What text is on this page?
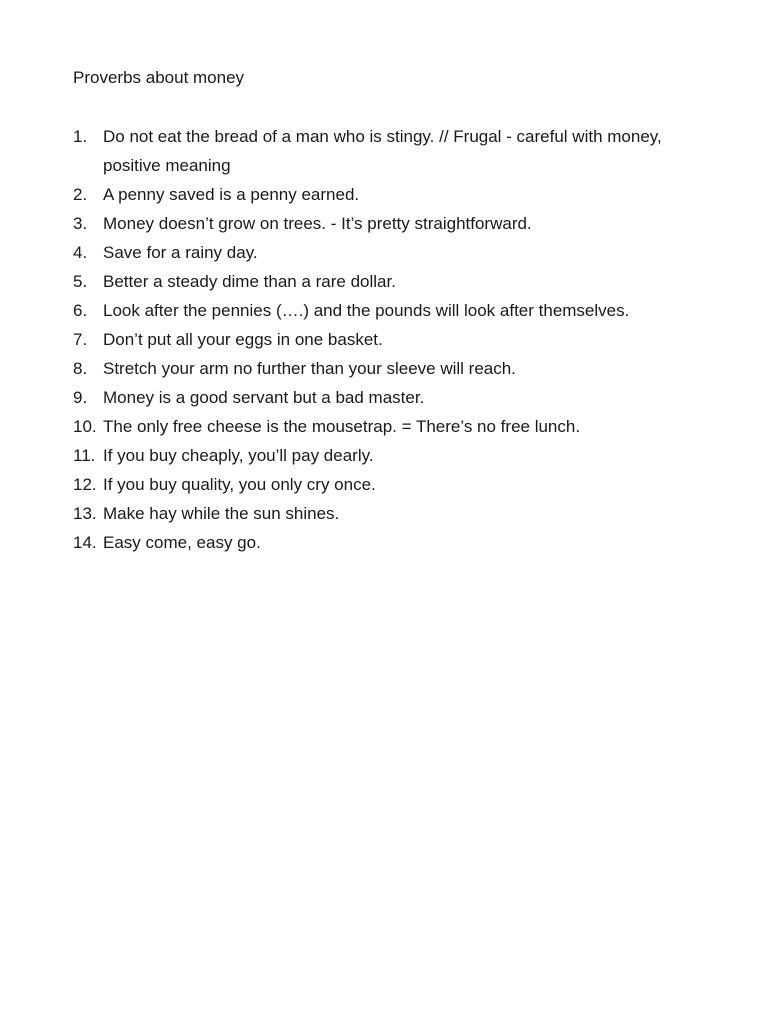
Proverbs about money
1. Do not eat the bread of a man who is stingy. // Frugal - careful with money, positive meaning
2. A penny saved is a penny earned.
3. Money doesn’t grow on trees. - It’s pretty straightforward.
4. Save for a rainy day.
5. Better a steady dime than a rare dollar.
6. Look after the pennies (….) and the pounds will look after themselves.
7. Don’t put all your eggs in one basket.
8. Stretch your arm no further than your sleeve will reach.
9. Money is a good servant but a bad master.
10. The only free cheese is the mousetrap. = There’s no free lunch.
11. If you buy cheaply, you’ll pay dearly.
12. If you buy quality, you only cry once.
13. Make hay while the sun shines.
14. Easy come, easy go.
